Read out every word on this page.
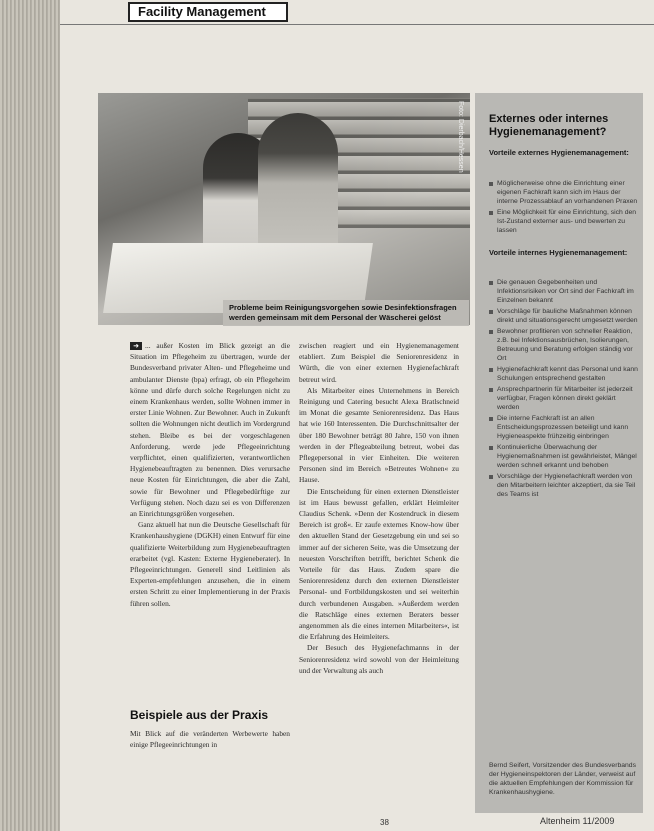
Facility Management
Foto: Dierbach/Hessen
Probleme beim Reinigungsvorgehen sowie Desinfektionsfragen werden gemeinsam mit dem Personal der Wäscherei gelöst

➜ ... außer Kosten im Blick gezeigt an die Situation im Pflegeheim zu übertragen, wurde der Bundesverband privater Alten- und Pflegeheime und ambulanter Dienste (bpa) erfragt, ob ein Pflegeheim könne und dürfe durch solche Regelungen nicht zu einem Krankenhaus werden, sollte Wohnen immer in erster Linie Wohnen. Zur Bewohner. Auch in Zukunft sollten die Wohnungen nicht deutlich im Vordergrund stehen. Bleibe es bei der vorgeschlagenen Anforderung, werde jede Pflegeeinrichtung verpflichtet, einen qualifizierten, verantwortlichen Hygienebeauftragten zu benennen. Dies verursache neue Kosten für Einrichtungen, die aber die Zahl, sowie für Bewohner und Pflegebedürftige zur Verfügung stehen. Noch dazu sei es von Differenzen an Einrichtungsgrößen vorgesehen.

Ganz aktuell hat nun die Deutsche Gesellschaft für Krankenhaushygiene (DGKH) einen Entwurf für eine qualifizierte Weiterbildung zum Hygienebeauftragten erarbeitet (vgl. Kasten: Externe Hygieneberater). In Pflegeeinrichtungen. Generell sind Leitlinien als Experten-empfehlungen anzusehen, die in einem ersten Schritt zu einer Implementierung in der Praxis führen sollen.

Beispiele aus der Praxis
Mit Blick auf die veränderten Werbewerte haben einige Pflegeeinrichtungen in

zwischen reagiert und ein Hygienemanagement etabliert. Zum Beispiel die Seniorenresidenz in Würth, die von einer externen Hygienefachkraft betreut wird.

Als Mitarbeiter eines Unternehmens in Bereich Reinigung und Catering besucht Alexa Bratlschneid im Monat die gesamte Seniorenresidenz. Das Haus hat wie 160 Interessenten. Die Durchschnittsalter der über 180 Bewohner beträgt 80 Jahre, 150 von ihnen werden in der Pflegeabteilung betreut, wobei das Pflegepersonal in vier Einheiten. Die weiteren Personen sind im Bereich »Betreutes Wohnen« zu Hause.

Die Entscheidung für einen externen Dienstleister ist im Haus bewusst gefallen, erklärt Heimleiter Claudius Schenk. »Denn der Kostendruck in diesem Bereich ist groß«. Er zaufe externes Know-how über den aktuellen Stand der Gesetzgebung ein und sei so immer auf der sicheren Seite, was die Umsetzung der neuesten Vorschriften betrifft, berichtet Schenk die Vorteile für das Haus. Zudem spare die Seniorenresidenz durch den externen Dienstleister Personal- und Fortbildungskosten und sei weiterhin durch verbundenen Ausgaben. »Außerdem werden die Ratschläge eines externen Beraters besser angenommen als die eines internen Mitarbeiters«, ist die Erfahrung des Heimleiters.

Der Besuch des Hygienefachmanns in der Seniorenresidenz wird sowohl von der Heimleitung und der Verwaltung als auch

Externes oder internes Hygienemanagement?
Vorteile externes Hygienemanagement:
Möglicherweise ohne die Einrichtung einer eigenen Fachkraft kann sich im Haus der interne Prozessablauf an vorhandenen Praxen
Eine Möglichkeit für eine Einrichtung, sich den Ist-Zustand externer aus- und bewerten zu lassen
Vorteile internes Hygienemanagement:
Die genauen Gegebenheiten und Infektionsrisiken vor Ort sind der Fachkraft im Einzelnen bekannt
Vorschläge für bauliche Maßnahmen können direkt und situationsgerecht umgesetzt werden
Bewohner profitieren von schneller Reaktion, z.B. bei Infektionsausbrüchen, Isolierungen, Betreuung und Beratung erfolgen ständig vor Ort
Hygienefachkraft kennt das Personal und kann Schulungen entsprechend gestalten
Ansprechpartnerin für Mitarbeiter ist jederzeit verfügbar, Fragen können direkt geklärt werden
Die interne Fachkraft ist an allen Entscheidungsprozessen beteiligt und kann Hygieneaspekte frühzeitig einbringen
Kontinuierliche Überwachung der Hygienemaßnahmen ist gewährleistet, Mängel werden schnell erkannt und behoben
Vorschläge der Hygienefachkraft werden von den Mitarbeitern leichter akzeptiert, da sie Teil des Teams ist
Bernd Seifert, Vorsitzender des Bundesverbands der Hygieneinspektoren der Länder, verweist auf die aktuellen Empfehlungen der Kommission für Krankenhaushygiene.
38	Altenheim 11/2009
